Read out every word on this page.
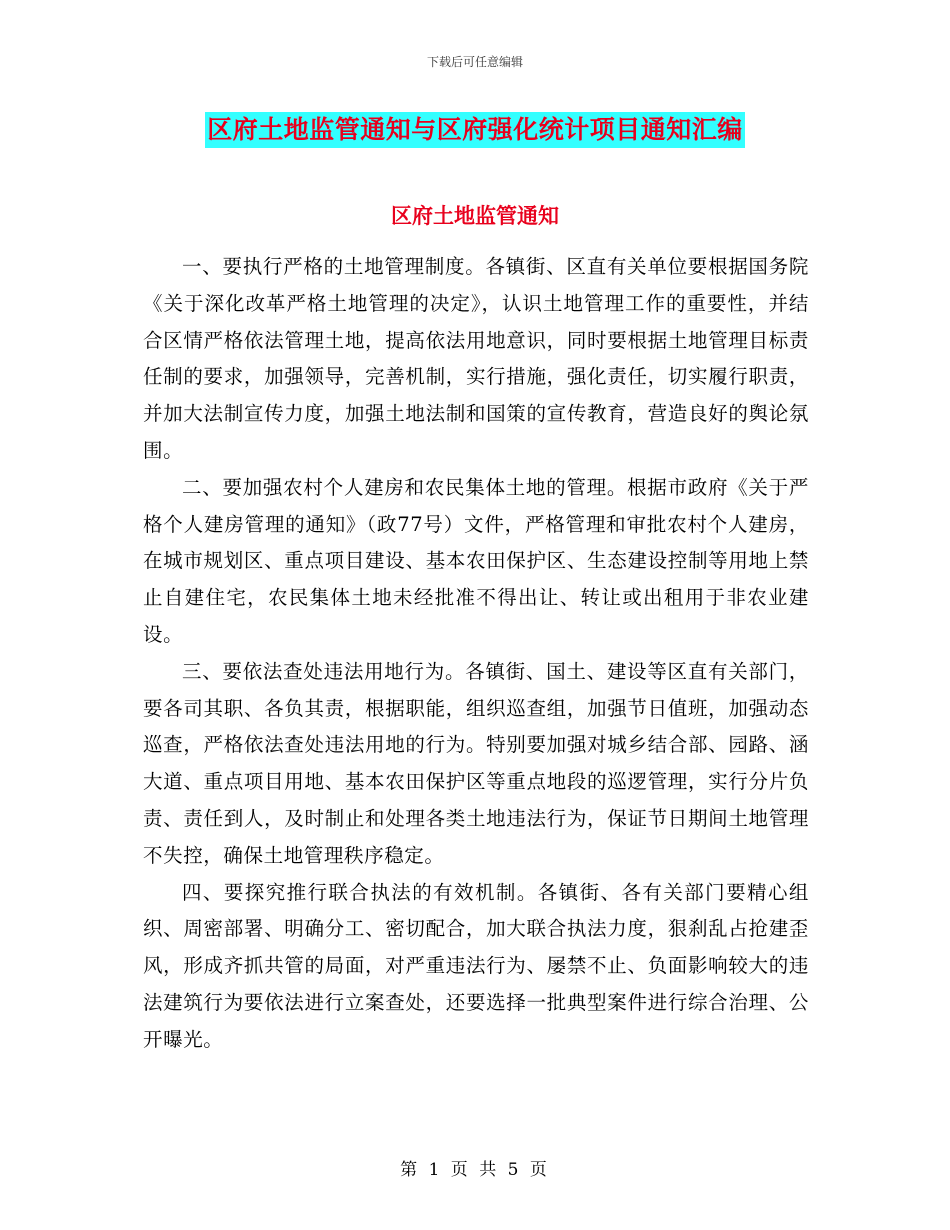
下载后可任意编辑
区府土地监管通知与区府强化统计项目通知汇编
区府土地监管通知

一、要执行严格的土地管理制度。各镇街、区直有关单位要根据国务院《关于深化改革严格土地管理的决定》，认识土地管理工作的重要性，并结合区情严格依法管理土地，提高依法用地意识，同时要根据土地管理目标责任制的要求，加强领导，完善机制，实行措施，强化责任，切实履行职责，并加大法制宣传力度，加强土地法制和国策的宣传教育，营造良好的舆论氛围。

二、要加强农村个人建房和农民集体土地的管理。根据市政府《关于严格个人建房管理的通知》（政77号）文件，严格管理和审批农村个人建房，在城市规划区、重点项目建设、基本农田保护区、生态建设控制等用地上禁止自建住宅，农民集体土地未经批准不得出让、转让或出租用于非农业建设。

三、要依法查处违法用地行为。各镇街、国土、建设等区直有关部门，要各司其职、各负其责，根据职能，组织巡查组，加强节日值班，加强动态巡查，严格依法查处违法用地的行为。特别要加强对城乡结合部、园路、涵大道、重点项目用地、基本农田保护区等重点地段的巡逻管理，实行分片负责、责任到人，及时制止和处理各类土地违法行为，保证节日期间土地管理不失控，确保土地管理秩序稳定。

四、要探究推行联合执法的有效机制。各镇街、各有关部门要精心组织、周密部署、明确分工、密切配合，加大联合执法力度，狠刹乱占抢建歪风，形成齐抓共管的局面，对严重违法行为、屡禁不止、负面影响较大的违法建筑行为要依法进行立案查处，还要选择一批典型案件进行综合治理、公开曝光。

第 1 页 共 5 页
